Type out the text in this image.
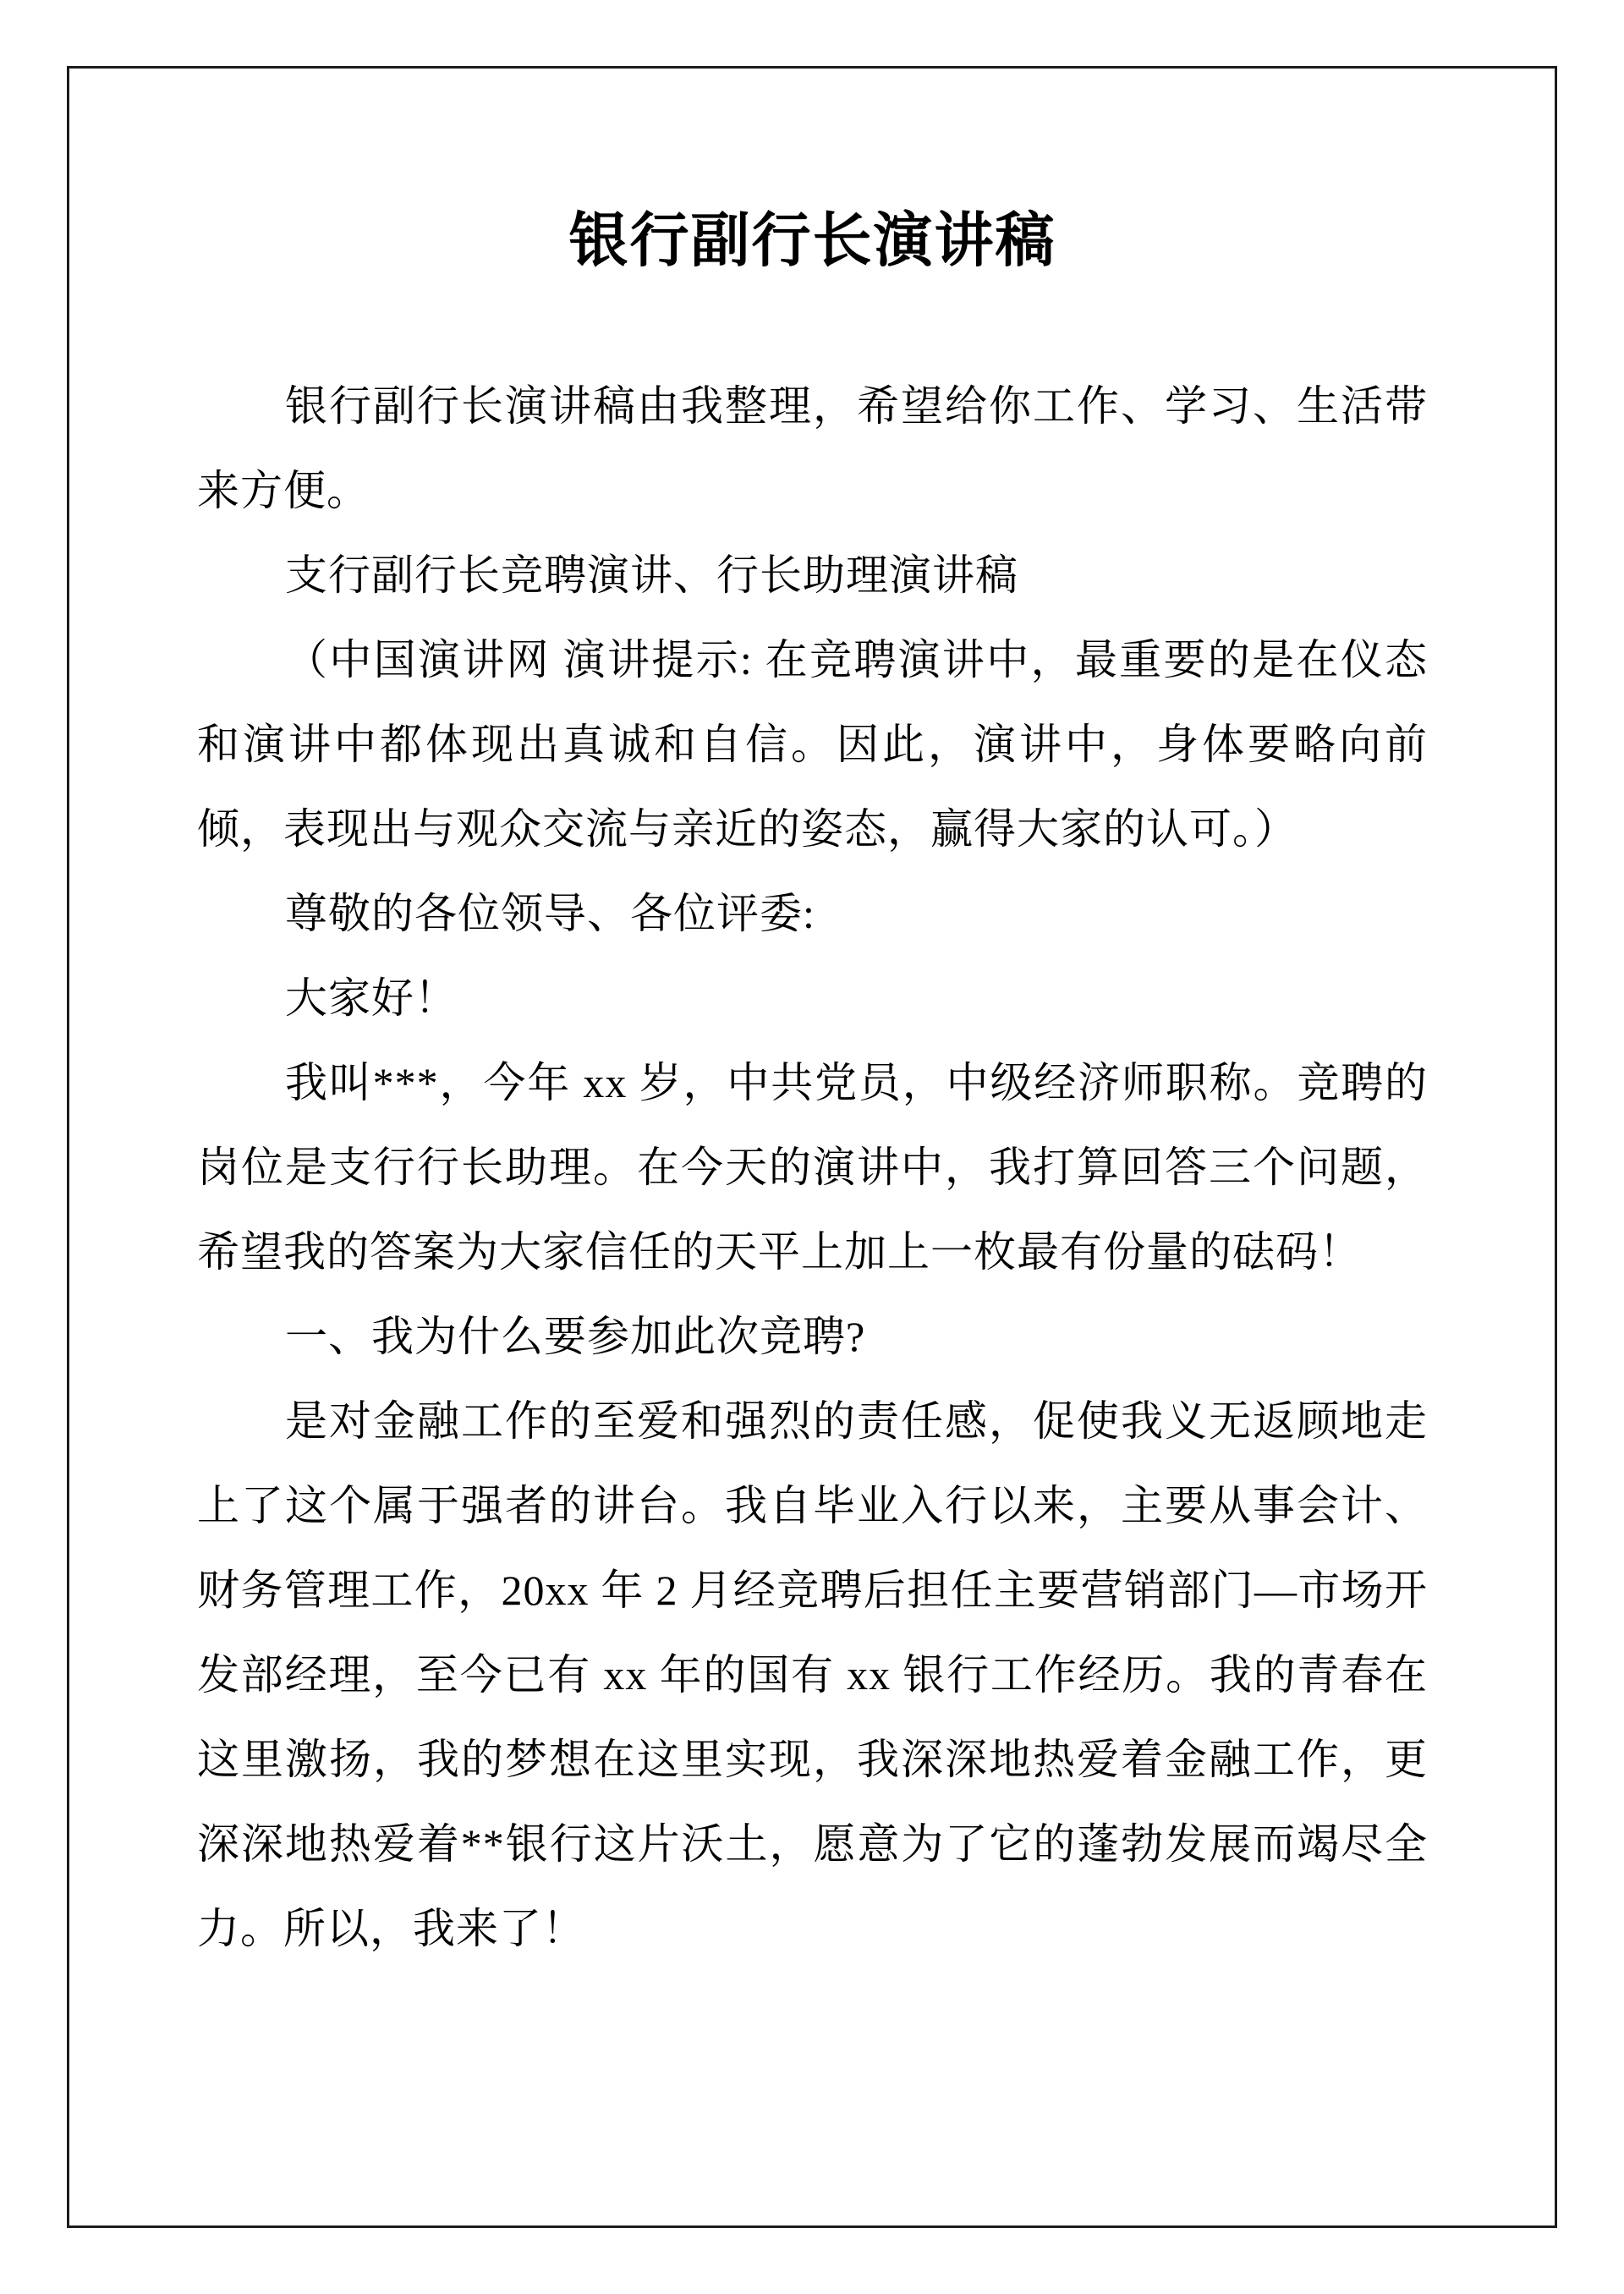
银行副行长演讲稿

银行副行长演讲稿由我整理，希望给你工作、学习、生活带来方便。

支行副行长竞聘演讲、行长助理演讲稿

（中国演讲网 演讲提示: 在竞聘演讲中，最重要的是在仪态和演讲中都体现出真诚和自信。因此，演讲中，身体要略向前倾，表现出与观众交流与亲近的姿态，赢得大家的认可。）

尊敬的各位领导、各位评委:

大家好！

我叫***，今年 xx 岁，中共党员，中级经济师职称。竞聘的岗位是支行行长助理。在今天的演讲中，我打算回答三个问题，希望我的答案为大家信任的天平上加上一枚最有份量的砝码！

一、我为什么要参加此次竞聘?

是对金融工作的至爱和强烈的责任感，促使我义无返顾地走上了这个属于强者的讲台。我自毕业入行以来，主要从事会计、财务管理工作，20xx 年 2 月经竞聘后担任主要营销部门—市场开发部经理，至今已有 xx 年的国有 xx 银行工作经历。我的青春在这里激扬，我的梦想在这里实现，我深深地热爱着金融工作，更深深地热爱着**银行这片沃土，愿意为了它的蓬勃发展而竭尽全力。所以，我来了！
